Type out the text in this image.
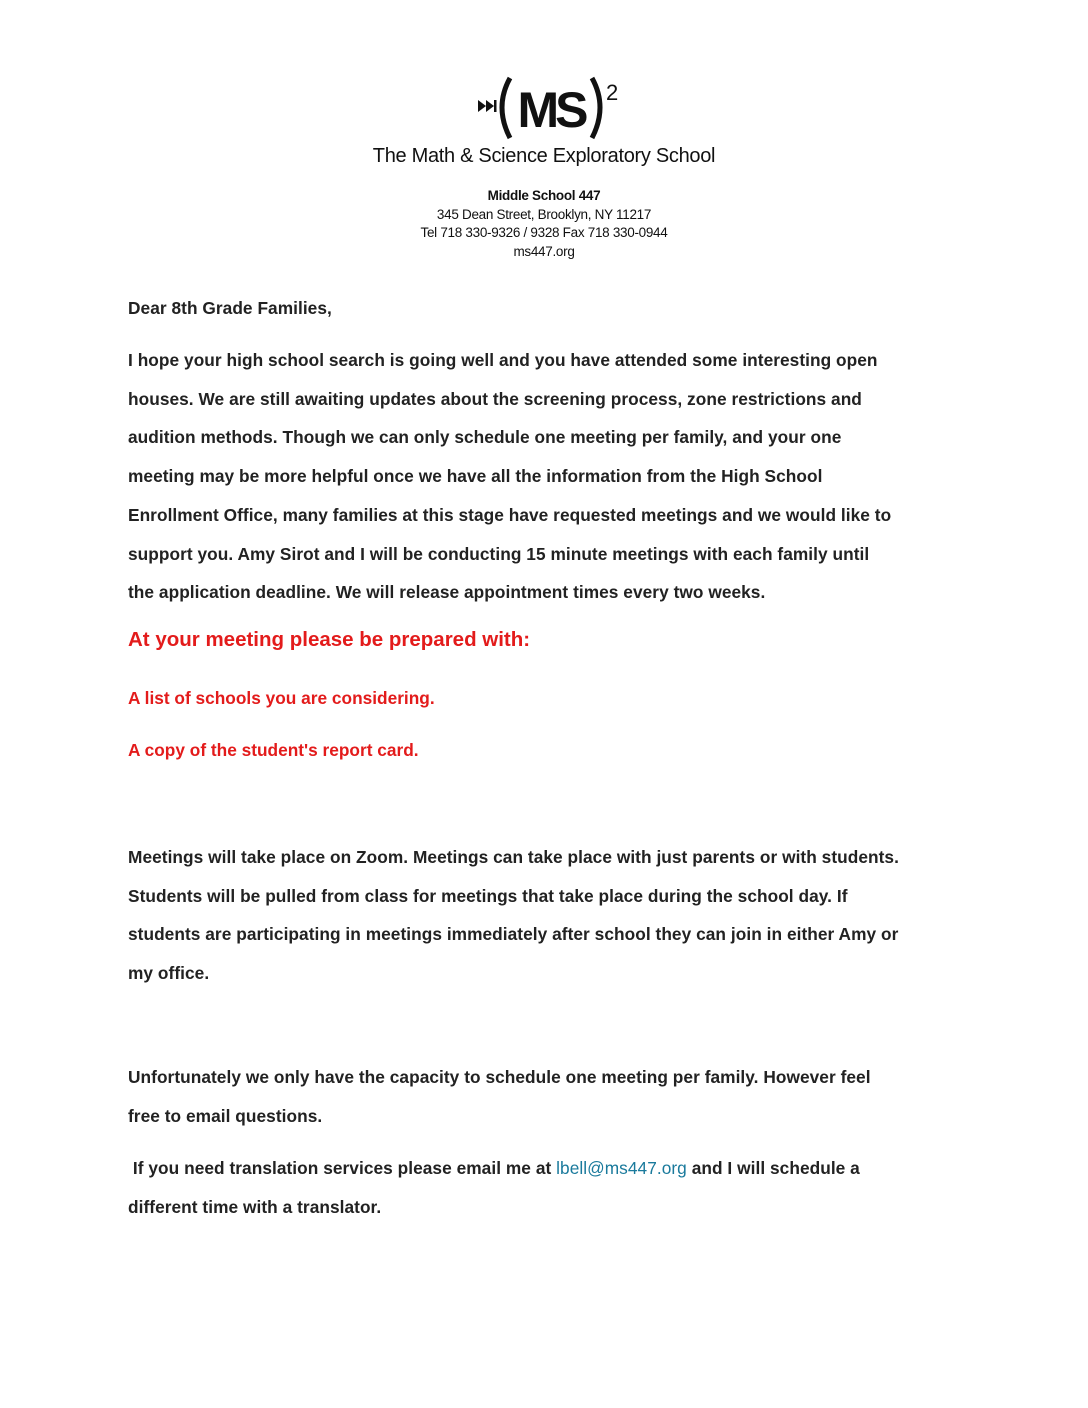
MS 2
The Math & Science Exploratory School
Middle School 447
345 Dean Street, Brooklyn, NY 11217
Tel 718 330-9326 / 9328 Fax 718 330-0944
ms447.org
Dear 8th Grade Families,
I hope your high school search is going well and you have attended some interesting open
houses. We are still awaiting updates about the screening process, zone restrictions and
audition methods. Though we can only schedule one meeting per family, and your one
meeting may be more helpful once we have all the information from the High School
Enrollment Office, many families at this stage have requested meetings and we would like to
support you. Amy Sirot and I will be conducting 15 minute meetings with each family until
the application deadline. We will release appointment times every two weeks.
At your meeting please be prepared with:
A list of schools you are considering.
A copy of the student's report card.
Meetings will take place on Zoom. Meetings can take place with just parents or with students.
Students will be pulled from class for meetings that take place during the school day. If
students are participating in meetings immediately after school they can join in either Amy or
my office.
Unfortunately we only have the capacity to schedule one meeting per family. However feel
free to email questions.
If you need translation services please email me at lbell@ms447.org and I will schedule a
different time with a translator.
